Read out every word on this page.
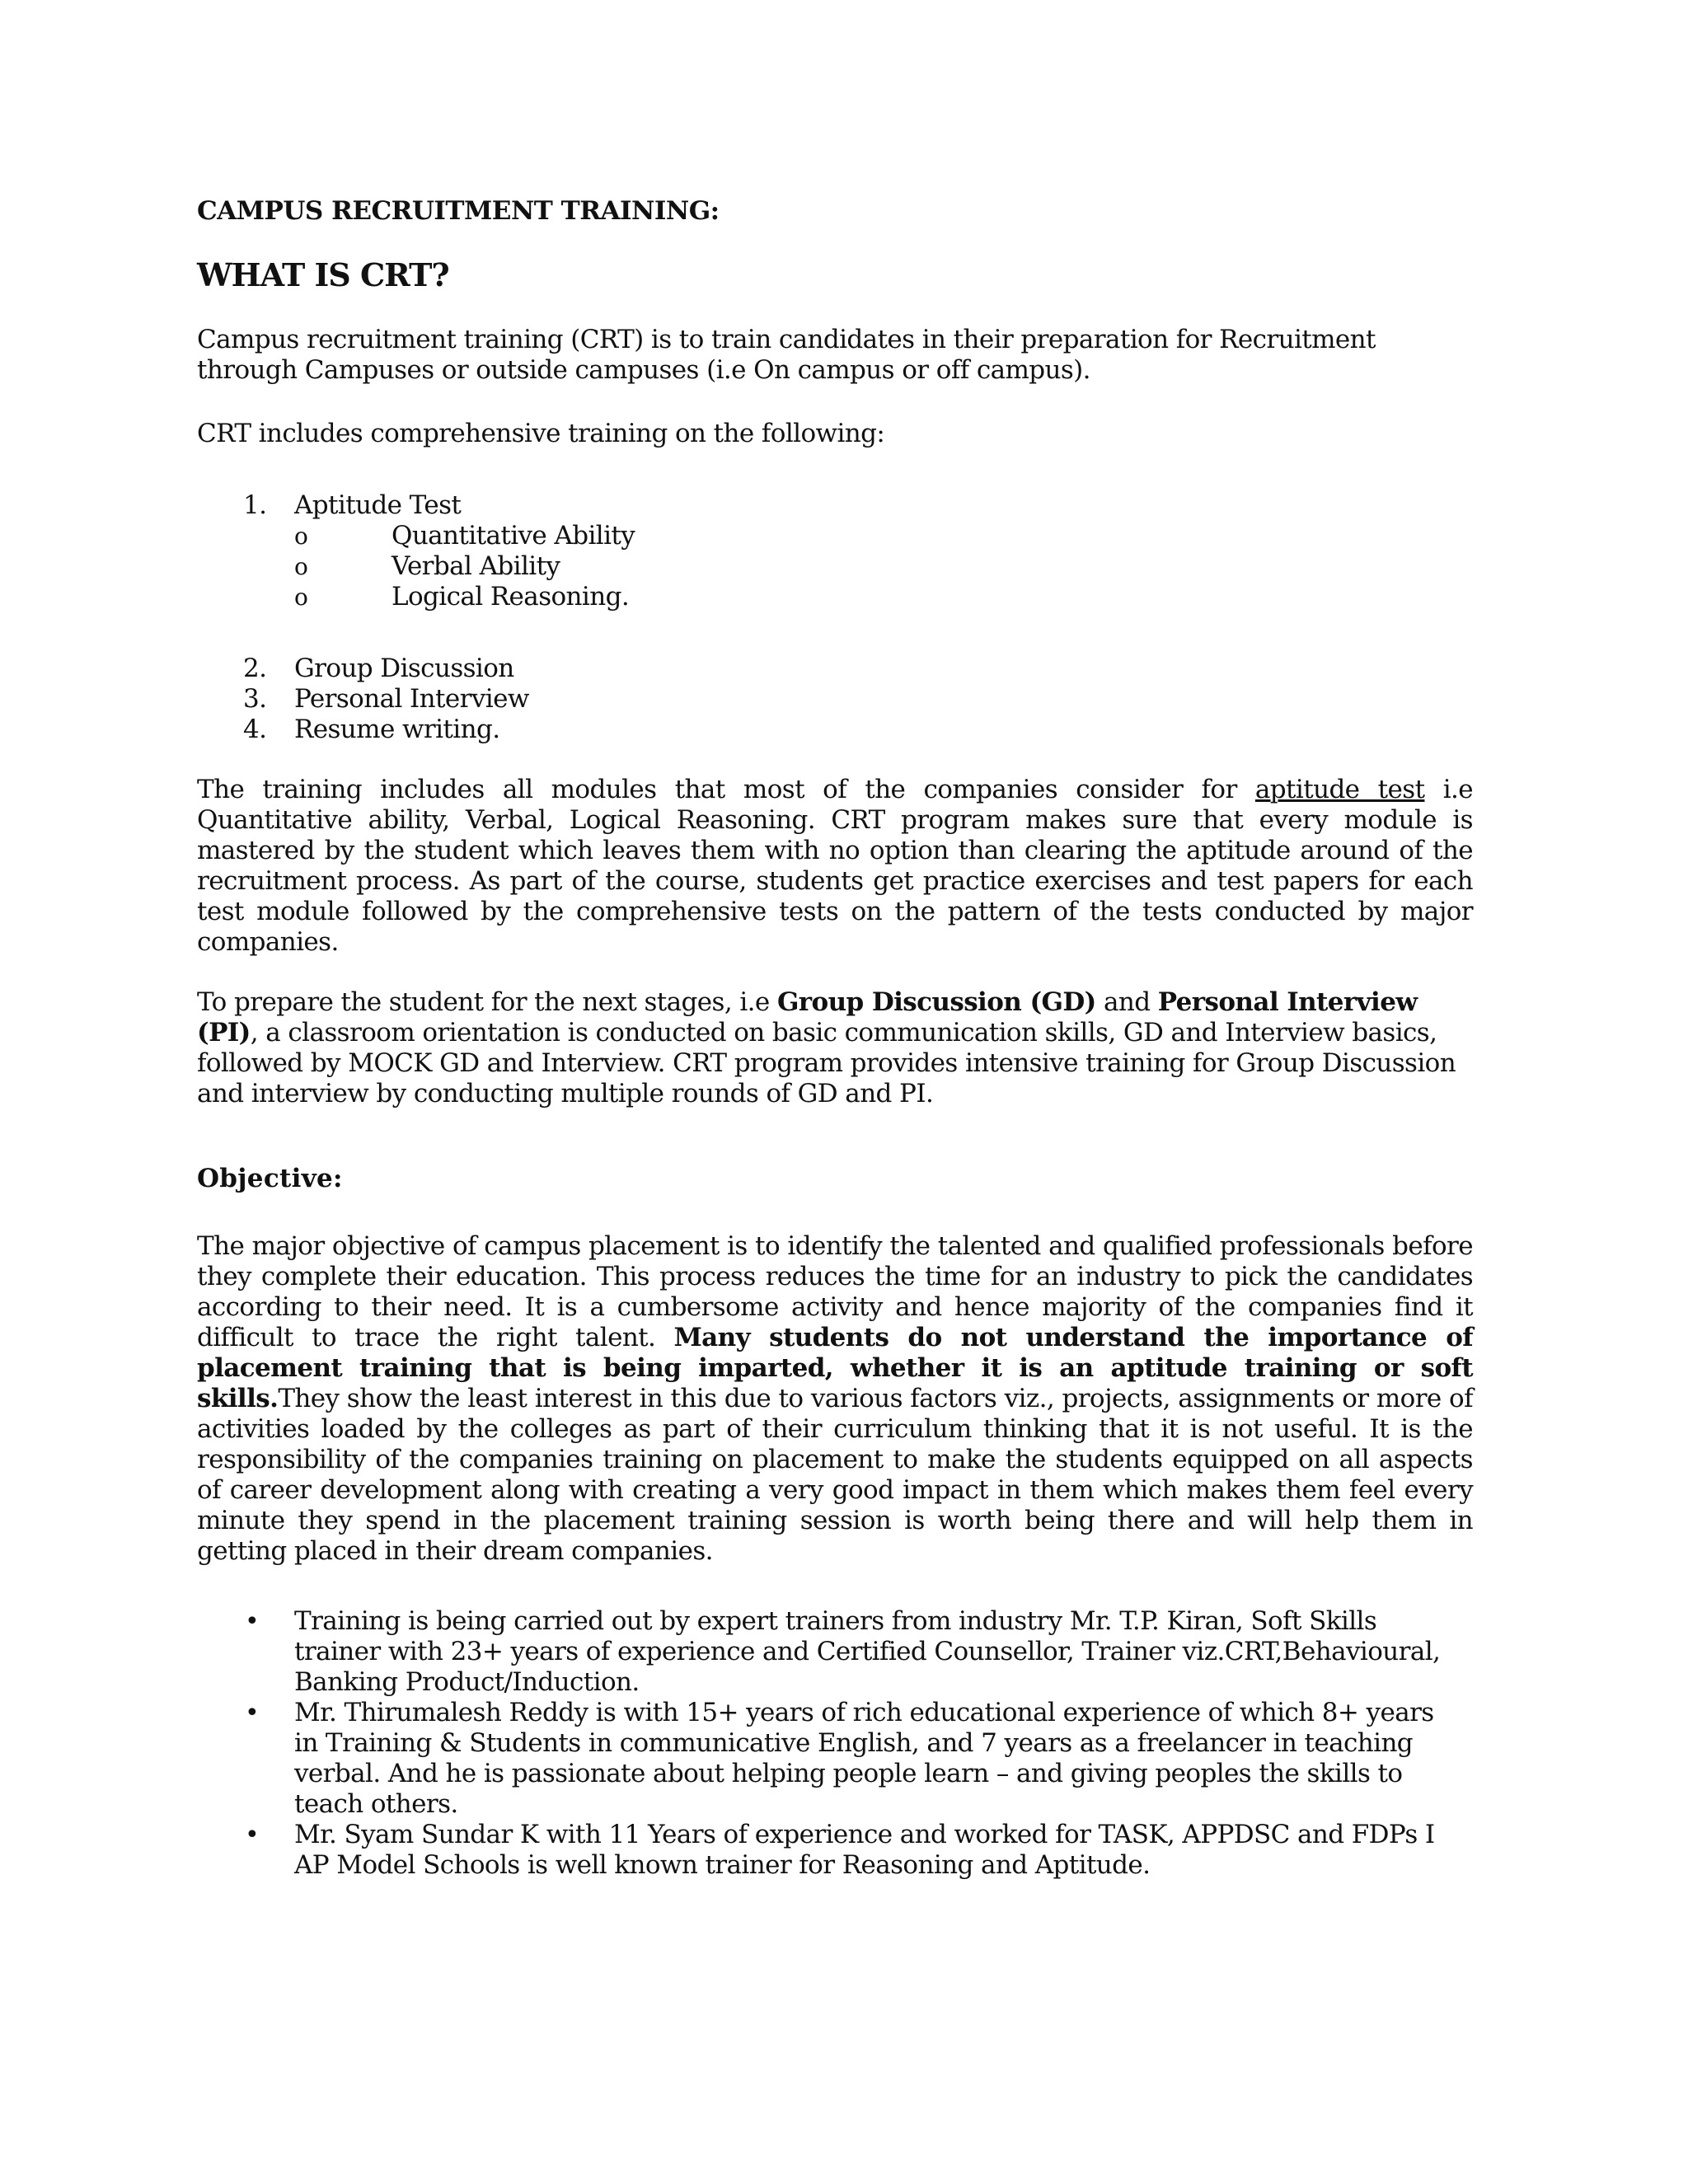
CAMPUS RECRUITMENT TRAINING:
WHAT IS CRT?

Campus recruitment training (CRT) is to train candidates in their preparation for Recruitment through Campuses or outside campuses (i.e On campus or off campus).

CRT includes comprehensive training on the following:

1. Aptitude Test
o	Quantitative Ability
o	Verbal Ability
o	Logical Reasoning.
2. Group Discussion
3. Personal Interview
4. Resume writing.

The training includes all modules that most of the companies consider for aptitude test i.e Quantitative ability, Verbal, Logical Reasoning. CRT program makes sure that every module is mastered by the student which leaves them with no option than clearing the aptitude around of the recruitment process. As part of the course, students get practice exercises and test papers for each test module followed by the comprehensive tests on the pattern of the tests conducted by major companies.

To prepare the student for the next stages, i.e Group Discussion (GD) and Personal Interview (PI), a classroom orientation is conducted on basic communication skills, GD and Interview basics, followed by MOCK GD and Interview. CRT program provides intensive training for Group Discussion and interview by conducting multiple rounds of GD and PI.

Objective:

The major objective of campus placement is to identify the talented and qualified professionals before they complete their education. This process reduces the time for an industry to pick the candidates according to their need. It is a cumbersome activity and hence majority of the companies find it difficult to trace the right talent. Many students do not understand the importance of placement training that is being imparted, whether it is an aptitude training or soft skills.They show the least interest in this due to various factors viz., projects, assignments or more of activities loaded by the colleges as part of their curriculum thinking that it is not useful. It is the responsibility of the companies training on placement to make the students equipped on all aspects of career development along with creating a very good impact in them which makes them feel every minute they spend in the placement training session is worth being there and will help them in getting placed in their dream companies.

• Training is being carried out by expert trainers from industry Mr. T.P. Kiran, Soft Skills trainer with 23+ years of experience and Certified Counsellor, Trainer viz.CRT,Behavioural, Banking Product/Induction.
• Mr. Thirumalesh Reddy is with 15+ years of rich educational experience of which 8+ years in Training & Students in communicative English, and 7 years as a freelancer in teaching verbal. And he is passionate about helping people learn – and giving peoples the skills to teach others.
• Mr. Syam Sundar K with 11 Years of experience and worked for TASK, APPDSC and FDPs I AP Model Schools is well known trainer for Reasoning and Aptitude.
